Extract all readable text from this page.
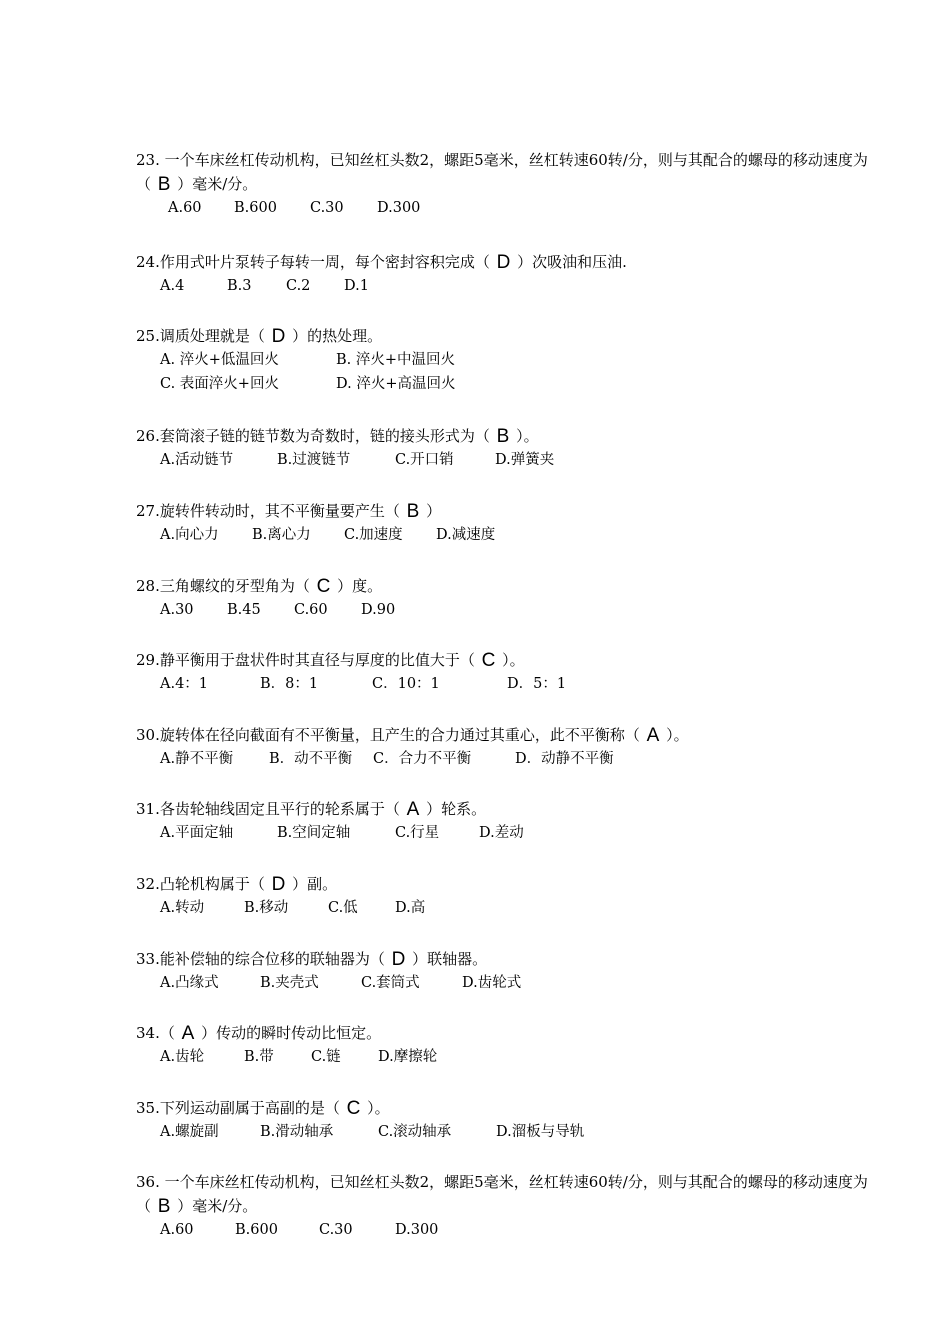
23. 一个车床丝杠传动机构，已知丝杠头数2，螺距5毫米，丝杠转速60转/分，则与其配合的螺母的移动速度为（ B ）毫米/分。
A.60 B.600 C.30 D.300
24.作用式叶片泵转子每转一周，每个密封容积完成（ D ）次吸油和压油.
A.4	B.3 C.2 D.1
25.调质处理就是（ D ）的热处理。
A. 淬火+低温回火	B. 淬火+中温回火
C. 表面淬火+回火	D. 淬火+高温回火
26.套筒滚子链的链节数为奇数时，链的接头形式为（ B ）。
A.活动链节	B.过渡链节	C.开口销	D.弹簧夹
27.旋转件转动时，其不平衡量要产生（ B ）
A.向心力 B.离心力 C.加速度 D.减速度
28.三角螺纹的牙型角为（ C ）度。
A.30 B.45 C.60 D.90
29.静平衡用于盘状件时其直径与厚度的比值大于（ C ）。
A.4：1	B．8：1	C．10：1	D．5：1
30.旋转体在径向截面有不平衡量，且产生的合力通过其重心，此不平衡称（ A ）。
A.静不平衡 B．动不平衡 C．合力不平衡	D．动静不平衡
31.各齿轮轴线固定且平行的轮系属于（ A ）轮系。
A.平面定轴	B.空间定轴	C.行星	D.差动
32.凸轮机构属于（ D ）副。
A.转动	B.移动	C.低	D.高
33.能补偿轴的综合位移的联轴器为（ D ）联轴器。
A.凸缘式	B.夹壳式	C.套筒式	D.齿轮式
34.（ A ）传动的瞬时传动比恒定。
A.齿轮	B.带	C.链	D.摩擦轮
35.下列运动副属于高副的是（ C ）。
A.螺旋副	B.滑动轴承	C.滚动轴承	D.溜板与导轨
36. 一个车床丝杠传动机构，已知丝杠头数2，螺距5毫米，丝杠转速60转/分，则与其配合的螺母的移动速度为（ B ）毫米/分。
A.60	B.600	C.30	D.300
